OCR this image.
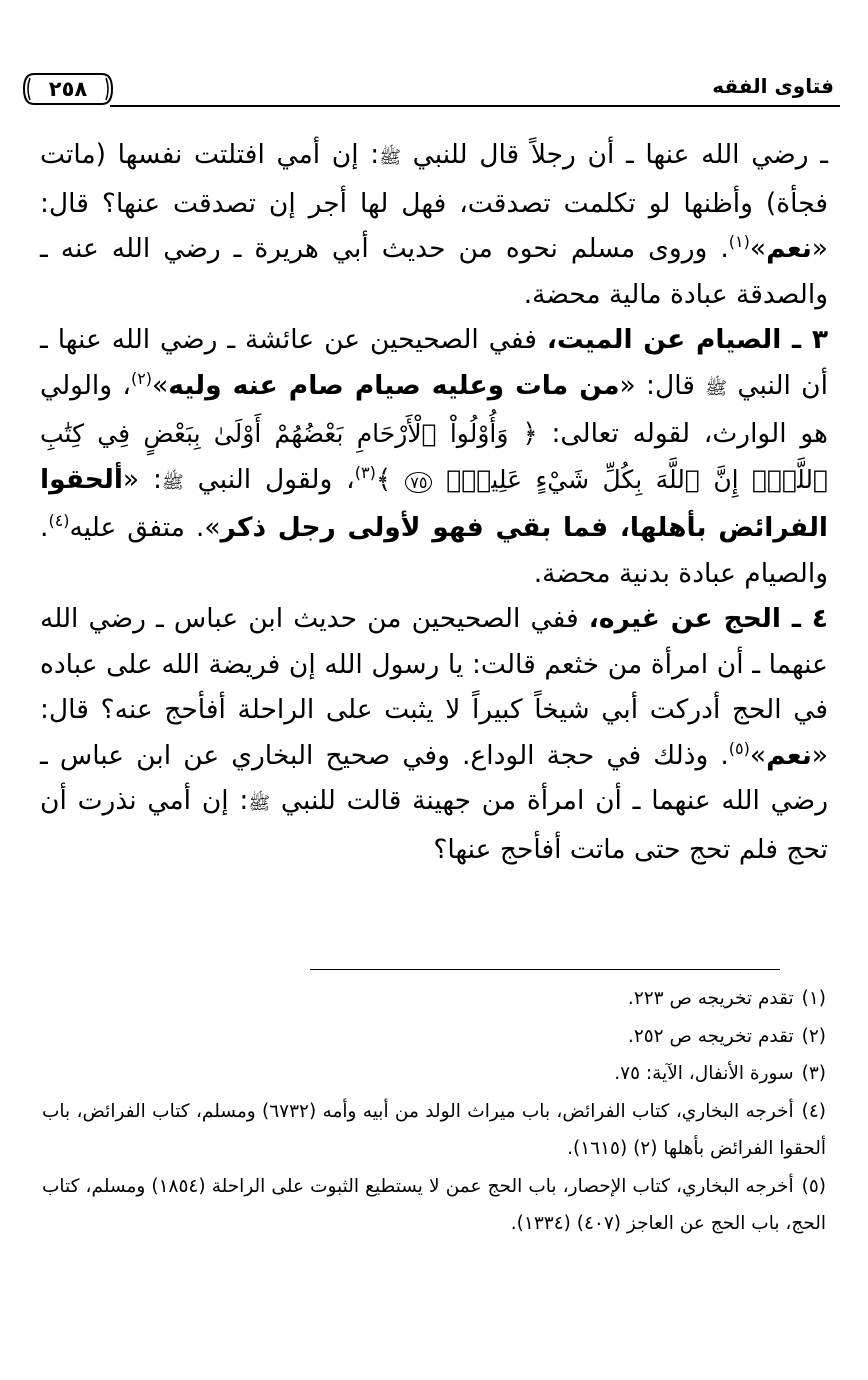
فتاوى الفقه
٢٥٨

ـ رضي الله عنها ـ أن رجلاً قال للنبي ﷺ: إن أمي افتلتت نفسها (ماتت فجأة) وأظنها لو تكلمت تصدقت، فهل لها أجر إن تصدقت عنها؟ قال: «نعم»$^{(١)}$. وروى مسلم نحوه من حديث أبي هريرة ـ رضي الله عنه ـ والصدقة عبادة مالية محضة.

٣ ـ الصيام عن الميت، ففي الصحيحين عن عائشة ـ رضي الله عنها ـ أن النبي ﷺ قال: «من مات وعليه صيام صام عنه وليه»$^{(٢)}$، والولي هو الوارث، لقوله تعالى: ﴿ وَأُوْلُواْ ٱلْأَرْحَامِ بَعْضُهُمْ أَوْلَىٰ بِبَعْضٍ فِي كِتَٰبِ ٱللَّهِۚ إِنَّ ٱللَّهَ بِكُلِّ شَيْءٍ عَلِيمُۢ ٧٥ ﴾$^{(٣)}$، ولقول النبي ﷺ: «ألحقوا الفرائض بأهلها، فما بقي فهو لأولى رجل ذكر». متفق عليه$^{(٤)}$. والصيام عبادة بدنية محضة.

٤ ـ الحج عن غيره، ففي الصحيحين من حديث ابن عباس ـ رضي الله عنهما ـ أن امرأة من خثعم قالت: يا رسول الله إن فريضة الله على عباده في الحج أدركت أبي شيخاً كبيراً لا يثبت على الراحلة أفأحج عنه؟ قال: «نعم»$^{(٥)}$. وذلك في حجة الوداع. وفي صحيح البخاري عن ابن عباس ـ رضي الله عنهما ـ أن امرأة من جهينة قالت للنبي ﷺ: إن أمي نذرت أن تحج فلم تحج حتى ماتت أفأحج عنها؟

(١)تقدم تخريجه ص ٢٢٣.

(٢)تقدم تخريجه ص ٢٥٢.

(٣)سورة الأنفال، الآية: ٧٥.

(٤)أخرجه البخاري، كتاب الفرائض، باب ميراث الولد من أبيه وأمه (٦٧٣٢) ومسلم، كتاب الفرائض، باب ألحقوا الفرائض بأهلها (٢) (١٦١٥).

(٥)أخرجه البخاري، كتاب الإحصار، باب الحج عمن لا يستطيع الثبوت على الراحلة (١٨٥٤) ومسلم، كتاب الحج، باب الحج عن العاجز (٤٠٧) (١٣٣٤).
